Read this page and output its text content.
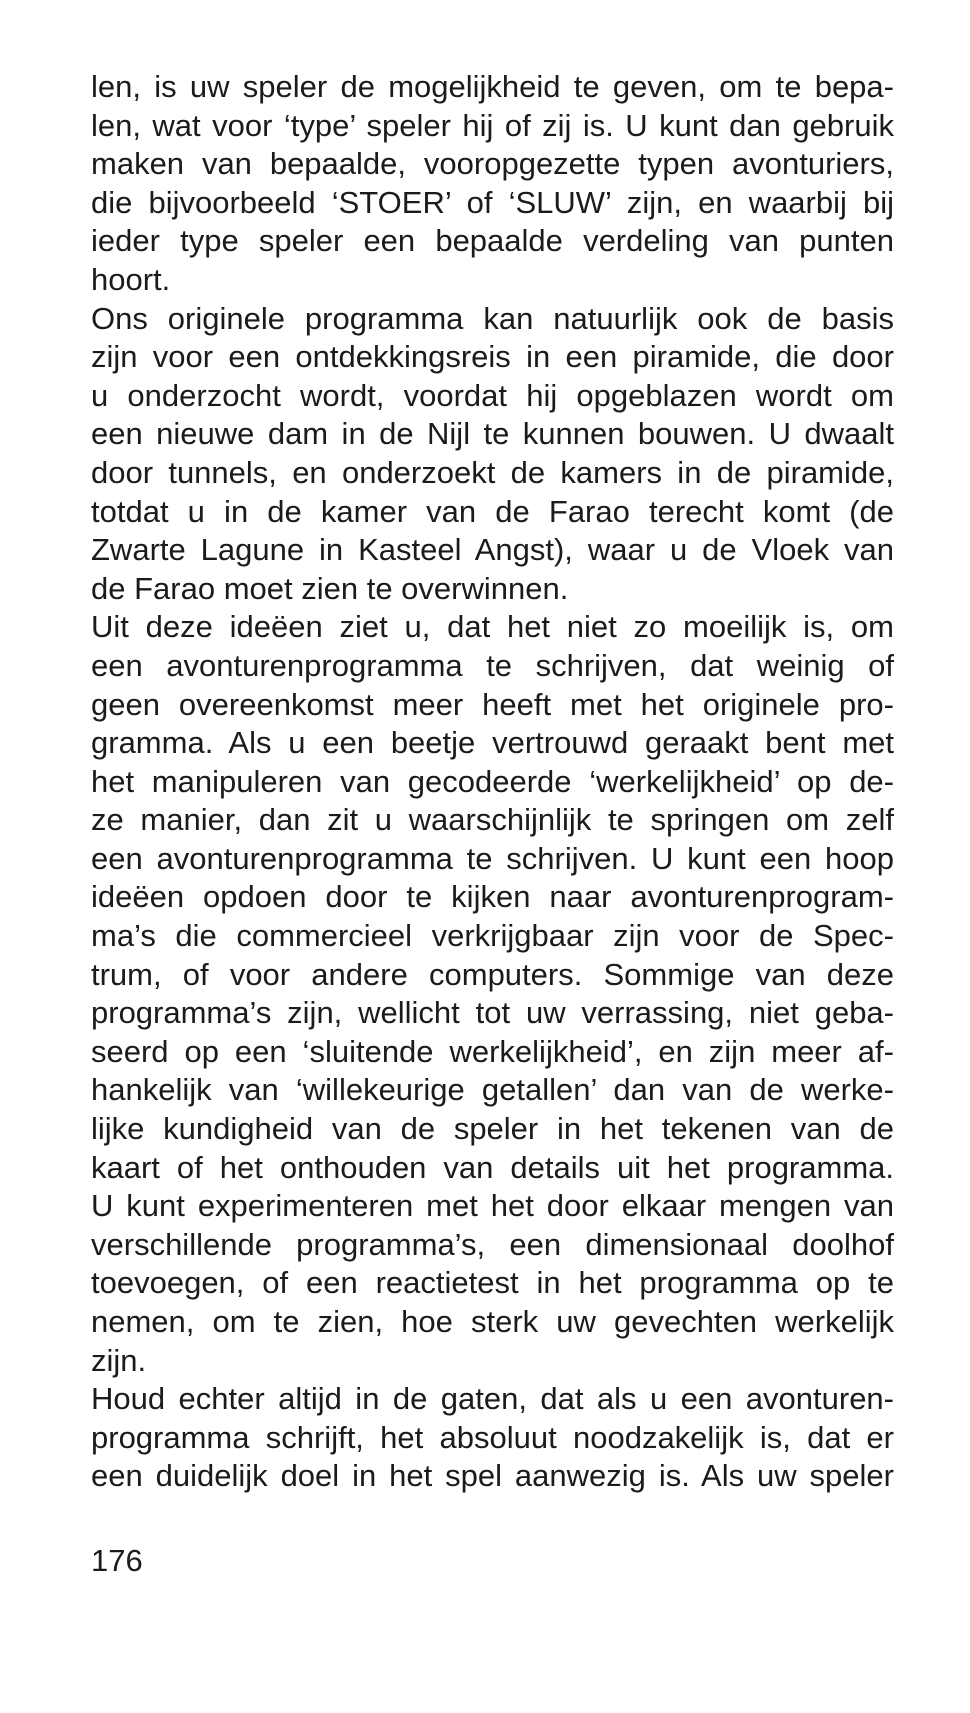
len, is uw speler de mogelijkheid te geven, om te bepa-
len, wat voor ‘type’ speler hij of zij is. U kunt dan gebruik
maken van bepaalde, vooropgezette typen avonturiers,
die bijvoorbeeld ‘STOER’ of ‘SLUW’ zijn, en waarbij bij
ieder type speler een bepaalde verdeling van punten
hoort.
Ons originele programma kan natuurlijk ook de basis
zijn voor een ontdekkingsreis in een piramide, die door
u onderzocht wordt, voordat hij opgeblazen wordt om
een nieuwe dam in de Nijl te kunnen bouwen. U dwaalt
door tunnels, en onderzoekt de kamers in de piramide,
totdat u in de kamer van de Farao terecht komt (de
Zwarte Lagune in Kasteel Angst), waar u de Vloek van
de Farao moet zien te overwinnen.
Uit deze ideëen ziet u, dat het niet zo moeilijk is, om
een avonturenprogramma te schrijven, dat weinig of
geen overeenkomst meer heeft met het originele pro-
gramma. Als u een beetje vertrouwd geraakt bent met
het manipuleren van gecodeerde ‘werkelijkheid’ op de-
ze manier, dan zit u waarschijnlijk te springen om zelf
een avonturenprogramma te schrijven. U kunt een hoop
ideëen opdoen door te kijken naar avonturenprogram-
ma’s die commercieel verkrijgbaar zijn voor de Spec-
trum, of voor andere computers. Sommige van deze
programma’s zijn, wellicht tot uw verrassing, niet geba-
seerd op een ‘sluitende werkelijkheid’, en zijn meer af-
hankelijk van ‘willekeurige getallen’ dan van de werke-
lijke kundigheid van de speler in het tekenen van de
kaart of het onthouden van details uit het programma.
U kunt experimenteren met het door elkaar mengen van
verschillende programma’s, een dimensionaal doolhof
toevoegen, of een reactietest in het programma op te
nemen, om te zien, hoe sterk uw gevechten werkelijk
zijn.
Houd echter altijd in de gaten, dat als u een avonturen-
programma schrijft, het absoluut noodzakelijk is, dat er
een duidelijk doel in het spel aanwezig is. Als uw speler
176
